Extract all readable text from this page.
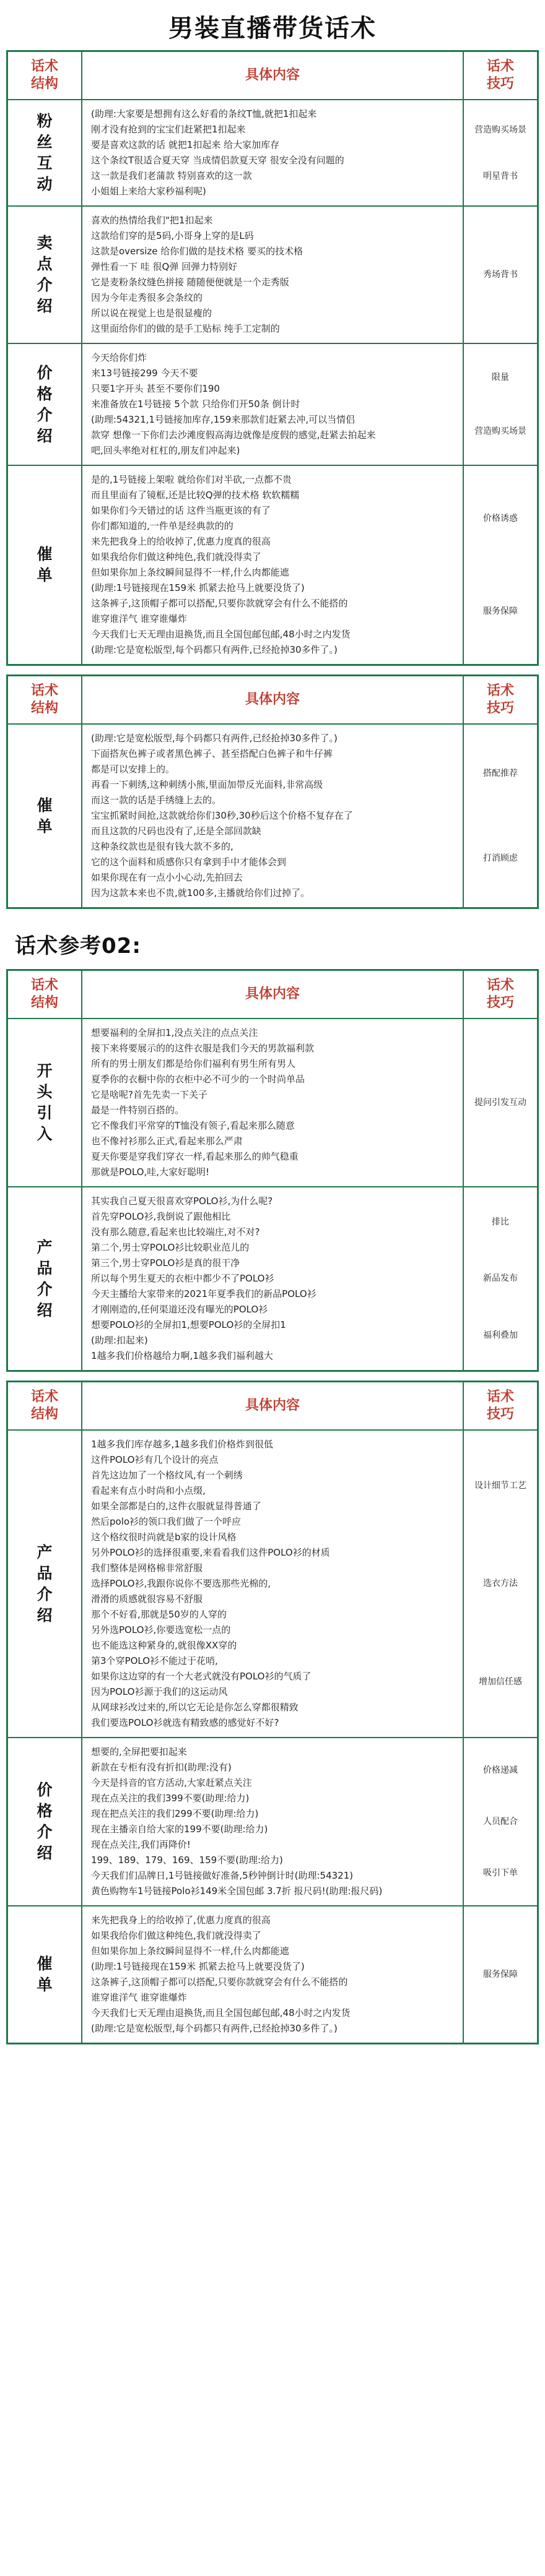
男装直播带货话术
话术
结构
具体内容
话术
技巧
粉丝互动
(助理:大家要是想拥有这么好看的条纹T恤,就把1扣起来
刚才没有抢到的宝宝们赶紧把1扣起来
要是喜欢这款的话 就把1扣起来 给大家加库存
这个条纹T很适合夏天穿 当成情侣款夏天穿 很安全没有问题的
这一款是我们老蒲款 特别喜欢的这一款
小姐姐上来给大家秒福利呢)
营造购买场景
明星背书
卖点介绍
喜欢的热情给我们"把1扣起来
这款给们穿的是5码,小哥身上穿的是L码
这款是oversize 给你们做的是技术格 要买的技术格
弹性看一下 哇 很Q弹 回弹力特别好
它是麦粉条纹缝色拼接 随随便便就是一个走秀版
因为今年走秀很多会条纹的
所以说在视觉上也是很显瘦的
这里面给你们的做的是手工贴标 纯手工定制的
秀场背书
价格介绍
今天给你们炸
来13号链接299 今天不要
只要1字开头 甚至不要你们190
来准备放在1号链接 5个款 只给你们开50条 倒计时
(助理:54321,1号链接加库存,159来那款们赶紧去冲,可以当情侣
款穿 想像一下你们去沙滩度假高海边就像是度假的感觉,赶紧去拍起来
吧,回头率绝对杠杠的,朋友们冲起来)
限量
营造购买场景
催单
是的,1号链接上架啦 就给你们对半砍,一点都不贵
而且里面有了镜框,还是比较Q弹的技术格 软软糯糯
如果你们今天错过的话 这件当瓶更该的有了
你们都知道的,一件单是经典款的的
来先把我身上的给收掉了,优惠力度真的很高
如果我给你们做这种纯色,我们就没得卖了
但如果你加上条纹瞬间显得不一样,什么肉都能遮
(助理:1号链接现在159米 抓紧去抢马上就要没货了)
这条裤子,这顶帽子都可以搭配,只要你款就穿会有什么不能搭的
谁穿谁洋气 谁穿谁爆炸
今天我们七天无理由退换货,而且全国包邮包邮,48小时之内发货
(助理:它是宽松版型,每个码都只有两件,已经抢掉30多件了。)
价格诱惑
服务保障
话术
结构
具体内容
话术
技巧
催单
(助理:它是宽松版型,每个码都只有两件,已经抢掉30多件了。)
下面搭灰色裤子或者黑色裤子、甚至搭配白色裤子和牛仔裤
都是可以安排上的。
再看一下刺绣,这种刺绣小熊,里面加带反光面料,非常高级
而这一款的话是手绣缝上去的。
宝宝抓紧时间抢,这款就给你们30秒,30秒后这个价格不复存在了
而且这款的尺码也没有了,还是全部回款缺
这种条纹款也是很有钱大款不多的,
它的这个面料和质感你只有拿到手中才能体会到
如果你现在有一点小小心动,先拍回去
因为这款本来也不贵,就100多,主播就给你们过掉了。
搭配推荐
打消顾虑
话术参考02:
话术
结构
具体内容
话术
技巧
开头引入
想要福利的全屏扣1,没点关注的点点关注
接下来将要展示的的这件衣服是我们今天的男款福利款
所有的男士朋友们都是给你们福利有男生所有男人
夏季你的衣橱中你的衣柜中必不可少的一个时尚单品
它是啥呢?首先先卖一下关子
最是一件特别百搭的。
它不像我们平常穿的T恤没有领子,看起来那么随意
也不像衬衫那么正式,看起来那么严肃
夏天你要是穿我们穿衣一样,看起来那么的帅气稳重
那就是POLO,哇,大家好聪明!
提问引发互动
产品介绍
其实我自己夏天很喜欢穿POLO衫,为什么呢?
首先穿POLO衫,我倒说了跟他相比
没有那么随意,看起来也比较端庄,对不对?
第二个,男士穿POLO衫比较职业范儿的
第三个,男士穿POLO衫是真的很干净
所以每个男生夏天的衣柜中都少不了POLO衫
今天主播给大家带来的2021年夏季我们的新品POLO衫
才刚刚造的,任何渠道还没有曝光的POLO衫
想要POLO衫的全屏扣1,想要POLO衫的全屏扣1
(助理:扣起来)
1越多我们价格越给力啊,1越多我们福利越大
排比
新品发布
福利叠加
话术
结构
具体内容
话术
技巧
产品介绍
1越多我们库存越多,1越多我们价格炸到很低
这件POLO衫有几个设计的亮点
首先这边加了一个格纹风,有一个刺绣
看起来有点小时尚和小点缀,
如果全部都是白的,这件衣服就显得普通了
然后polo衫的领口我们做了一个呼应
这个格纹很时尚就是b家的设计风格
另外POLO衫的选择很重要,来看看我们这件POLO衫的材质
我们整体是网格棉非常舒服
选择POLO衫,我跟你说你不要选那些光棉的,
滑滑的质感就很容易不舒服
那个不好看,那就是50岁的人穿的
另外选POLO衫,你要选宽松一点的
也不能选这种紧身的,就很像XX穿的
第3个穿POLO衫不能过于花哨,
如果你这边穿的有一个大老式就没有POLO衫的气质了
因为POLO衫源于我们的这运动风
从网球衫改过来的,所以它无论是你怎么穿都很精致
我们要选POLO衫就选有精致感的感觉好不好?
设计细节工艺
选衣方法
增加信任感
价格介绍
想要的,全屏把要扣起来
新款在专柜有没有折扣(助理:没有)
今天是抖音的官方活动,大家赶紧点关注
现在点关注的我们399不要(助理:给力)
现在把点关注的我们299不要(助理:给力)
现在主播亲自给大家的199不要(助理:给力)
现在点关注,我们再降价!
199、189、179、169、159不要(助理:给力)
今天我们们品牌日,1号链接做好准备,5秒钟倒计时(助理:54321)
黄色购物车1号链接Polo衫149米全国包邮 3.7折 报尺码!(助理:报尺码)
价格递减
人员配合
吸引下单
催单
来先把我身上的给收掉了,优惠力度真的很高
如果我给你们做这种纯色,我们就没得卖了
但如果你加上条纹瞬间显得不一样,什么肉都能遮
(助理:1号链接现在159米 抓紧去抢马上就要没货了)
这条裤子,这顶帽子都可以搭配,只要你款就穿会有什么不能搭的
谁穿谁洋气 谁穿谁爆炸
今天我们七天无理由退换货,而且全国包邮包邮,48小时之内发货
(助理:它是宽松版型,每个码都只有两件,已经抢掉30多件了。)
服务保障
